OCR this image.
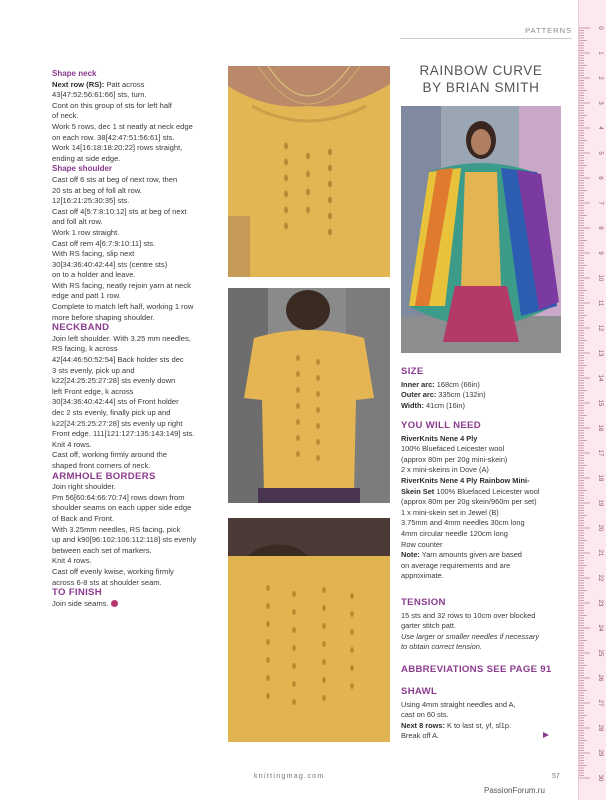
PATTERNS

Shape neck

Next row (RS): Patt across

43[47:52:56:61:66] sts, turn.

Cont on this group of sts for left half

of neck.

Work 5 rows, dec 1 st neatly at neck edge

on each row. 38[42:47:51:56:61] sts.

Work 14[16:18:18:20:22] rows straight,

ending at side edge.

Shape shoulder

Cast off 6 sts at beg of next row, then

20 sts at beg of foll alt row.

12[16:21:25:30:35] sts.

Cast off 4[5:7:8:10:12] sts at beg of next

and foll alt row.

Work 1 row straight.

Cast off rem 4[6:7:9:10:11] sts.

With RS facing, slip next

30[34:36:40:42:44] sts (centre sts)

on to a holder and leave.

With RS facing, neatly rejoin yarn at neck

edge and patt 1 row.

Complete to match left half, working 1 row

more before shaping shoulder.

NECKBAND

Join left shoulder. With 3.25 mm needles,

RS facing, k across

42[44:46:50:52:54] Back holder sts dec

3 sts evenly, pick up and

k22[24:25:25:27:28] sts evenly down

left Front edge, k across

30[34:36:40:42:44] sts of Front holder

dec 2 sts evenly, finally pick up and

k22[24:25:25:27:28] sts evenly up right

Front edge. 111[121:127:135:143:149] sts.

Knit 4 rows.

Cast off, working firmly around the

shaped front corners of neck.

ARMHOLE BORDERS

Join right shoulder.

Pm 56[60:64:66:70:74] rows down from

shoulder seams on each upper side edge

of Back and Front.

With 3.25mm needles, RS facing, pick

up and k90[96:102:106:112:118] sts evenly

between each set of markers.

Knit 4 rows.

Cast off evenly kwise, working firmly

across 6-8 sts at shoulder seam.

TO FINISH

Join side seams.

RAINBOW CURVE
BY BRIAN SMITH

SIZE

Inner arc: 168cm (66in)

Outer arc: 335cm (132in)

Width: 41cm (16in)

YOU WILL NEED

RiverKnits Nene 4 Ply

100% Bluefaced Leicester wool

(approx 80m per 20g mini-skein)

2 x mini-skeins in Dove (A)

RiverKnits Nene 4 Ply Rainbow Mini-

Skein Set 100% Bluefaced Leicester wool

(approx 80m per 20g skein/960m per set)

1 x mini-skein set in Jewel (B)

3.75mm and 4mm needles 30cm long

4mm circular needle 120cm long

Row counter

Note: Yarn amounts given are based

on average requirements and are

approximate.

TENSION

15 sts and 32 rows to 10cm over blocked

garter stitch patt.

Use larger or smaller needles if necessary

to obtain correct tension.

ABBREVIATIONS SEE PAGE 91

SHAWL

Using 4mm straight needles and A,

cast on 60 sts.

Next 8 rows: K to last st, yf, sl1p.

Break off A.

0
1
2
3
4
5
6
7
8
9
10
11
12
13
14
15
16
17
18
19
20
21
22
23
24
25
26
27
28
29
30
knittingmag.com	57
PassionForum.ru
